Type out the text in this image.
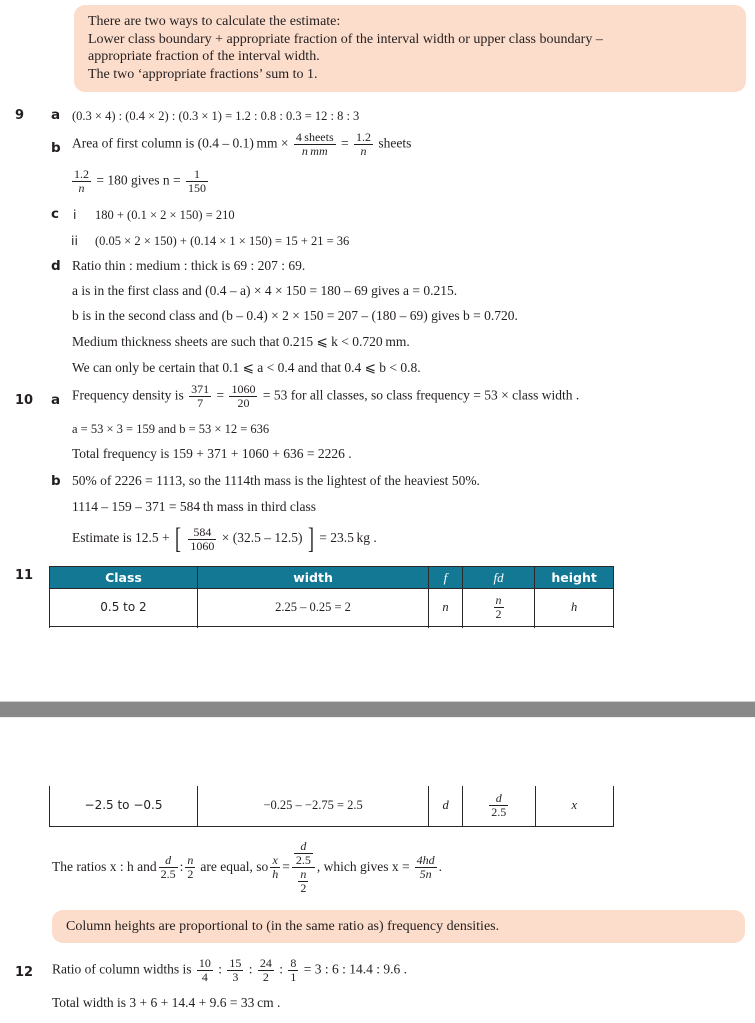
There are two ways to calculate the estimate:
Lower class boundary + appropriate fraction of the interval width or upper class boundary –
appropriate fraction of the interval width.
The two ‘appropriate fractions’ sum to 1.
9 a (0.3 × 4) : (0.4 × 2) : (0.3 × 1) = 1.2 : 0.8 : 0.3 = 12 : 8 : 3
b Area of first column is (0.4 – 0.1) mm × $\frac{\text{4 sheets}}{\text{n mm}} = \frac{1.2}{n}$ sheets
$\frac{1.2}{n} = 180$ gives $n = \frac{1}{150}$
c i 180 + (0.1 × 2 × 150) = 210
ii (0.05 × 2 × 150) + (0.14 × 1 × 150) = 15 + 21 = 36
d Ratio thin : medium : thick is 69 : 207 : 69.
a is in the first class and (0.4 – a) × 4 × 150 = 180 – 69 gives a = 0.215.
b is in the second class and (b – 0.4) × 2 × 150 = 207 – (180 – 69) gives b = 0.720.
Medium thickness sheets are such that 0.215 ⩽ k < 0.720 mm.
We can only be certain that 0.1 ⩽ a < 0.4 and that 0.4 ⩽ b < 0.8.
10 a Frequency density is $\frac{371}{7} = \frac{1060}{20} = 53$ for all classes, so class frequency = 53 × class width .
a = 53 × 3 = 159 and b = 53 × 12 = 636
Total frequency is 159 + 371 + 1060 + 636 = 2226 .
b 50% of 2226 = 1113, so the 1114th mass is the lightest of the heaviest 50%.
1114 – 159 – 371 = 584 th mass in third class
Estimate is 12.5 + [ $\frac{584}{1060} \times (32.5 - 12.5)$ ] = 23.5 kg .
11	Class	width	f	fd	height
0.5 to 2	2.25 – 0.25 = 2	n	$\frac{n}{2}$	h

−2.5 to −0.5	−0.25 – −2.75 = 2.5	d	$\frac{d}{2.5}$	x
The ratios x : h and $\frac{d}{2.5}$ : $\frac{n}{2}$ are equal, so $\frac{x}{h} = \frac{\frac{d}{2.5}}{\frac{n}{2}}$ , which gives $x = \frac{4hd}{5n}$ .
Column heights are proportional to (in the same ratio as) frequency densities.
12 Ratio of column widths is $\frac{10}{4}$ : $\frac{15}{3}$ : $\frac{24}{2}$ : $\frac{8}{1} = 3$ : 6 : 14.4 : 9.6 .
Total width is 3 + 6 + 14.4 + 9.6 = 33 cm .
